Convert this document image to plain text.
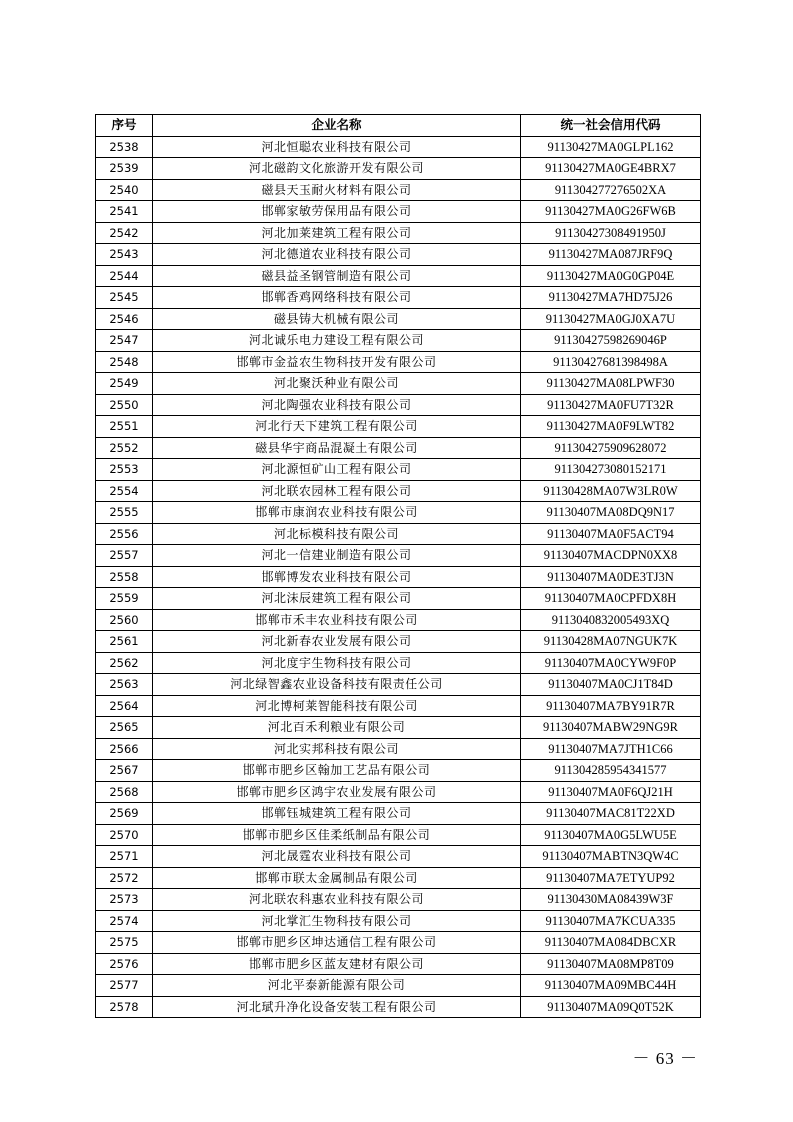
序号	企业名称	统一社会信用代码
2538	河北恒聪农业科技有限公司	91130427MA0GLPL162
2539	河北磁韵文化旅游开发有限公司	91130427MA0GE4BRX7
2540	磁县天玉耐火材料有限公司	911304277276502XA
2541	邯郸家敏劳保用品有限公司	91130427MA0G26FW6B
2542	河北加莱建筑工程有限公司	91130427308491950J
2543	河北德道农业科技有限公司	91130427MA087JRF9Q
2544	磁县益圣钢管制造有限公司	91130427MA0G0GP04E
2545	邯郸香鸡网络科技有限公司	91130427MA7HD75J26
2546	磁县铸大机械有限公司	91130427MA0GJ0XA7U
2547	河北诚乐电力建设工程有限公司	91130427598269046P
2548	邯郸市金益农生物科技开发有限公司	91130427681398498A
2549	河北聚沃种业有限公司	91130427MA08LPWF30
2550	河北陶强农业科技有限公司	91130427MA0FU7T32R
2551	河北行天下建筑工程有限公司	91130427MA0F9LWT82
2552	磁县华宇商品混凝土有限公司	911304275909628072
2553	河北源恒矿山工程有限公司	911304273080152171
2554	河北联农园林工程有限公司	91130428MA07W3LR0W
2555	邯郸市康润农业科技有限公司	91130407MA08DQ9N17
2556	河北标模科技有限公司	91130407MA0F5ACT94
2557	河北一信建业制造有限公司	91130407MACDPN0XX8
2558	邯郸博发农业科技有限公司	91130407MA0DE3TJ3N
2559	河北沫辰建筑工程有限公司	91130407MA0CPFDX8H
2560	邯郸市禾丰农业科技有限公司	9113040832005493XQ
2561	河北新春农业发展有限公司	91130428MA07NGUK7K
2562	河北度宇生物科技有限公司	91130407MA0CYW9F0P
2563	河北绿智鑫农业设备科技有限责任公司	91130407MA0CJ1T84D
2564	河北博柯莱智能科技有限公司	91130407MA7BY91R7R
2565	河北百禾利粮业有限公司	91130407MABW29NG9R
2566	河北实邦科技有限公司	91130407MA7JTH1C66
2567	邯郸市肥乡区翰加工艺品有限公司	911304285954341577
2568	邯郸市肥乡区鸿宇农业发展有限公司	91130407MA0F6QJ21H
2569	邯郸钰城建筑工程有限公司	91130407MAC81T22XD
2570	邯郸市肥乡区佳柔纸制品有限公司	91130407MA0G5LWU5E
2571	河北晟霆农业科技有限公司	91130407MABTN3QW4C
2572	邯郸市联太金属制品有限公司	91130407MA7ETYUP92
2573	河北联农科惠农业科技有限公司	91130430MA08439W3F
2574	河北掌汇生物科技有限公司	91130407MA7KCUA335
2575	邯郸市肥乡区坤达通信工程有限公司	91130407MA084DBCXR
2576	邯郸市肥乡区蓝友建材有限公司	91130407MA08MP8T09
2577	河北平泰新能源有限公司	91130407MA09MBC44H
2578	河北珷升净化设备安装工程有限公司	91130407MA09Q0T52K
－ 63 －
